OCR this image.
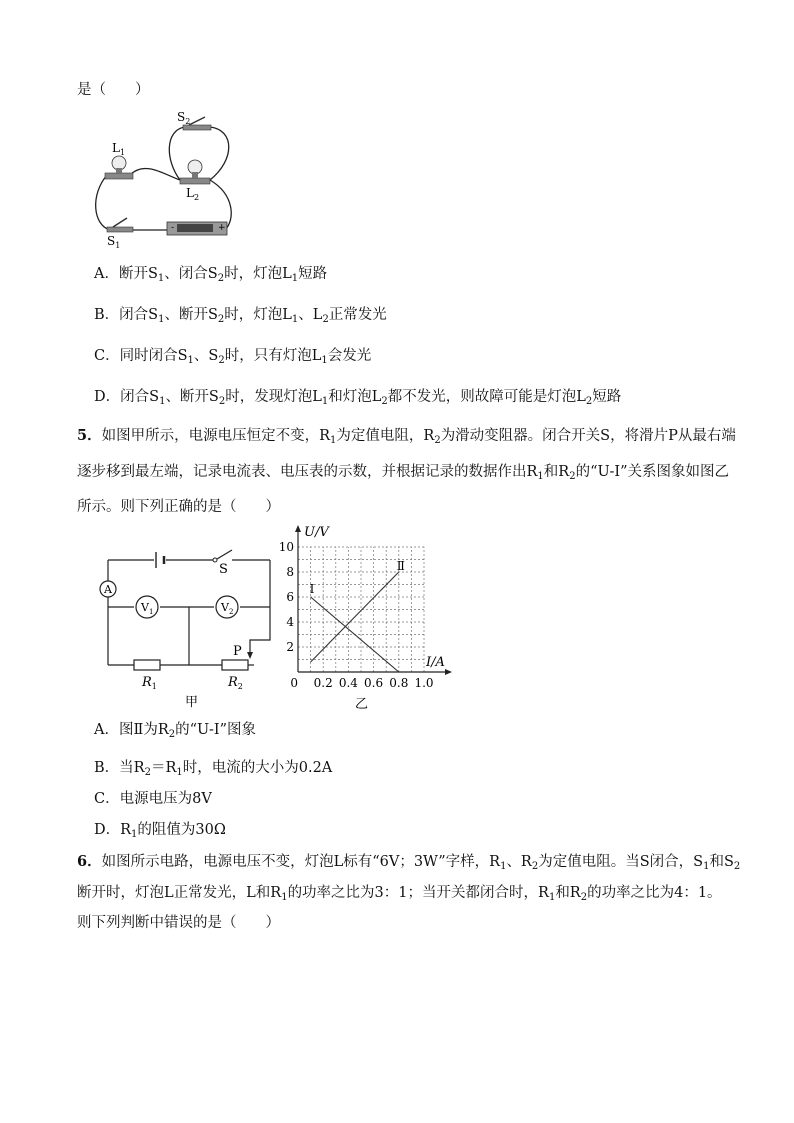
是（　　）
$S_2$
$L_1$
$L_2$
$S_1$
-	+
A．断开$S_1$、闭合$S_2$时，灯泡$L_1$短路
B．闭合$S_1$、断开$S_2$时，灯泡$L_1$、$L_2$正常发光
C．同时闭合$S_1$、$S_2$时，只有灯泡$L_1$会发光
D．闭合$S_1$、断开$S_2$时，发现灯泡$L_1$和灯泡$L_2$都不发光，则故障可能是灯泡$L_2$短路
5．如图甲所示，电源电压恒定不变，$R_1$为定值电阻，$R_2$为滑动变阻器。闭合开关S，将滑片P从最右端
逐步移到最左端，记录电流表、电压表的示数，并根据记录的数据作出$R_1$和$R_2$的“U-I”关系图象如图乙
所示。则下列正确的是（　　）
A
$V_1$	$V_2$
S
P
$R_1$	$R_2$
甲
Ⅰ
Ⅱ
0 0.2 0.4 0.6 0.8 1.0
2
4
6
8
10
U/V
I/A
乙
A．图Ⅱ为$R_2$的“U-I”图象
B．当$R_2=R_1$时，电流的大小为0.2A
C．电源电压为8V
D．$R_1$的阻值为30Ω
6．如图所示电路，电源电压不变，灯泡L标有“6V；3W”字样，$R_1$、$R_2$为定值电阻。当S闭合，$S_1$和$S_2$
断开时，灯泡L正常发光，L和$R_1$的功率之比为3：1；当开关都闭合时，$R_1$和$R_2$的功率之比为4：1。
则下列判断中错误的是（　　）
